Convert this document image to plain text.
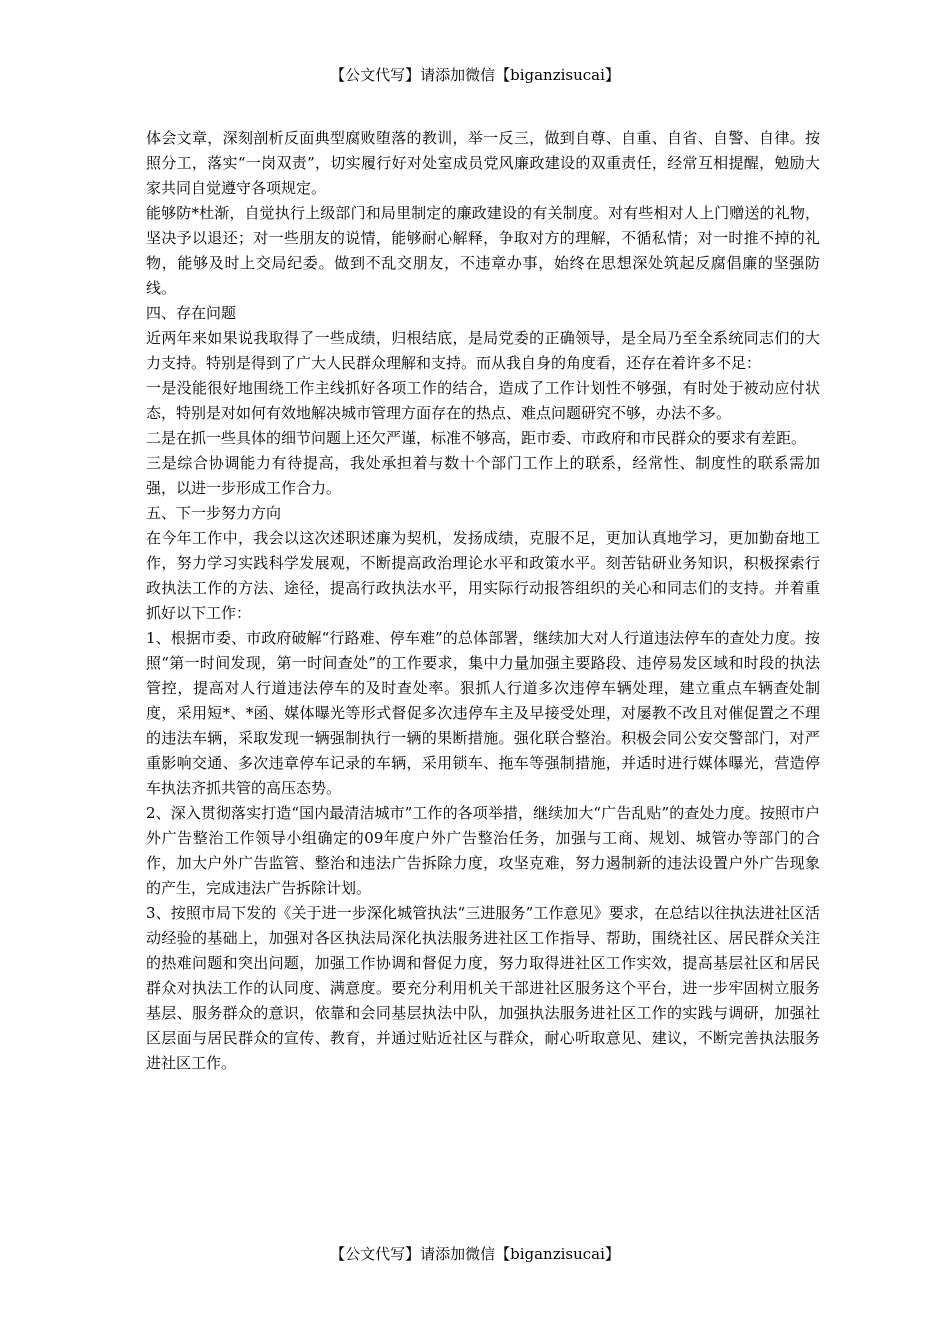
【公文代写】请添加微信【biganzisucai】

体会文章，深刻剖析反面典型腐败堕落的教训，举一反三，做到自尊、自重、自省、自警、自律。按照分工，落实“一岗双责”，切实履行好对处室成员党风廉政建设的双重责任，经常互相提醒，勉励大家共同自觉遵守各项规定。

能够防*杜渐，自觉执行上级部门和局里制定的廉政建设的有关制度。对有些相对人上门赠送的礼物，坚决予以退还；对一些朋友的说情，能够耐心解释，争取对方的理解，不循私情；对一时推不掉的礼物，能够及时上交局纪委。做到不乱交朋友，不违章办事，始终在思想深处筑起反腐倡廉的坚强防线。

四、存在问题

近两年来如果说我取得了一些成绩，归根结底，是局党委的正确领导，是全局乃至全系统同志们的大力支持。特别是得到了广大人民群众理解和支持。而从我自身的角度看，还存在着许多不足：

一是没能很好地围绕工作主线抓好各项工作的结合，造成了工作计划性不够强，有时处于被动应付状态，特别是对如何有效地解决城市管理方面存在的热点、难点问题研究不够，办法不多。

二是在抓一些具体的细节问题上还欠严谨，标准不够高，距市委、市政府和市民群众的要求有差距。

三是综合协调能力有待提高，我处承担着与数十个部门工作上的联系，经常性、制度性的联系需加强，以进一步形成工作合力。

五、下一步努力方向

在今年工作中，我会以这次述职述廉为契机，发扬成绩，克服不足，更加认真地学习，更加勤奋地工作，努力学习实践科学发展观，不断提高政治理论水平和政策水平。刻苦钻研业务知识，积极探索行政执法工作的方法、途径，提高行政执法水平，用实际行动报答组织的关心和同志们的支持。并着重抓好以下工作：

1、根据市委、市政府破解“行路难、停车难”的总体部署，继续加大对人行道违法停车的查处力度。按照“第一时间发现，第一时间查处”的工作要求，集中力量加强主要路段、违停易发区域和时段的执法管控，提高对人行道违法停车的及时查处率。狠抓人行道多次违停车辆处理，建立重点车辆查处制度，采用短*、*函、媒体曝光等形式督促多次违停车主及早接受处理，对屡教不改且对催促置之不理的违法车辆，采取发现一辆强制执行一辆的果断措施。强化联合整治。积极会同公安交警部门，对严重影响交通、多次违章停车记录的车辆，采用锁车、拖车等强制措施，并适时进行媒体曝光，营造停车执法齐抓共管的高压态势。

2、深入贯彻落实打造“国内最清洁城市”工作的各项举措，继续加大“广告乱贴”的查处力度。按照市户外广告整治工作领导小组确定的09年度户外广告整治任务，加强与工商、规划、城管办等部门的合作，加大户外广告监管、整治和违法广告拆除力度，攻坚克难，努力遏制新的违法设置户外广告现象的产生，完成违法广告拆除计划。

3、按照市局下发的《关于进一步深化城管执法“三进服务”工作意见》要求，在总结以往执法进社区活动经验的基础上，加强对各区执法局深化执法服务进社区工作指导、帮助，围绕社区、居民群众关注的热难问题和突出问题，加强工作协调和督促力度，努力取得进社区工作实效，提高基层社区和居民群众对执法工作的认同度、满意度。要充分利用机关干部进社区服务这个平台，进一步牢固树立服务基层、服务群众的意识，依靠和会同基层执法中队，加强执法服务进社区工作的实践与调研，加强社区层面与居民群众的宣传、教育，并通过贴近社区与群众，耐心听取意见、建议，不断完善执法服务进社区工作。

【公文代写】请添加微信【biganzisucai】
